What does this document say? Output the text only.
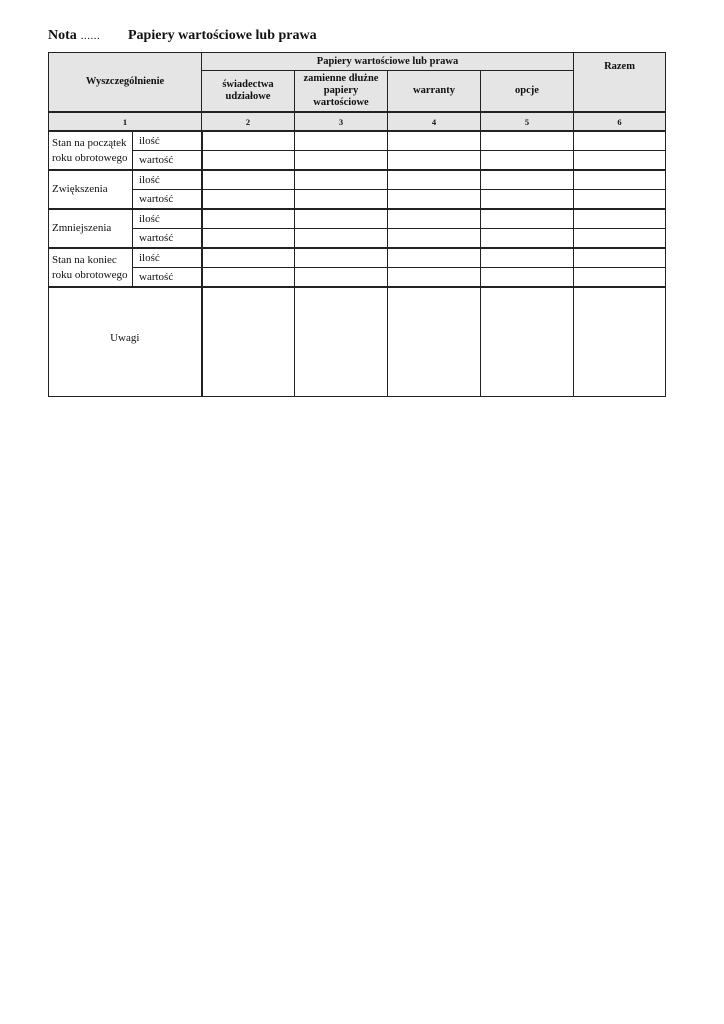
Nota ...... Papiery wartościowe lub prawa
Wyszczególnienie		Papiery wartościowe lub prawa				Razem
		świadectwa udziałowe	zamienne dłużne papiery wartościowe	warranty	opcje	
1		2	3	4	5	6
Stan na początek roku obrotowego	ilość					
	wartość					
Zwiększenia	ilość					
	wartość					
Zmniejszenia	ilość					
	wartość					
Stan na koniec roku obrotowego	ilość					
	wartość					
Uwagi						
